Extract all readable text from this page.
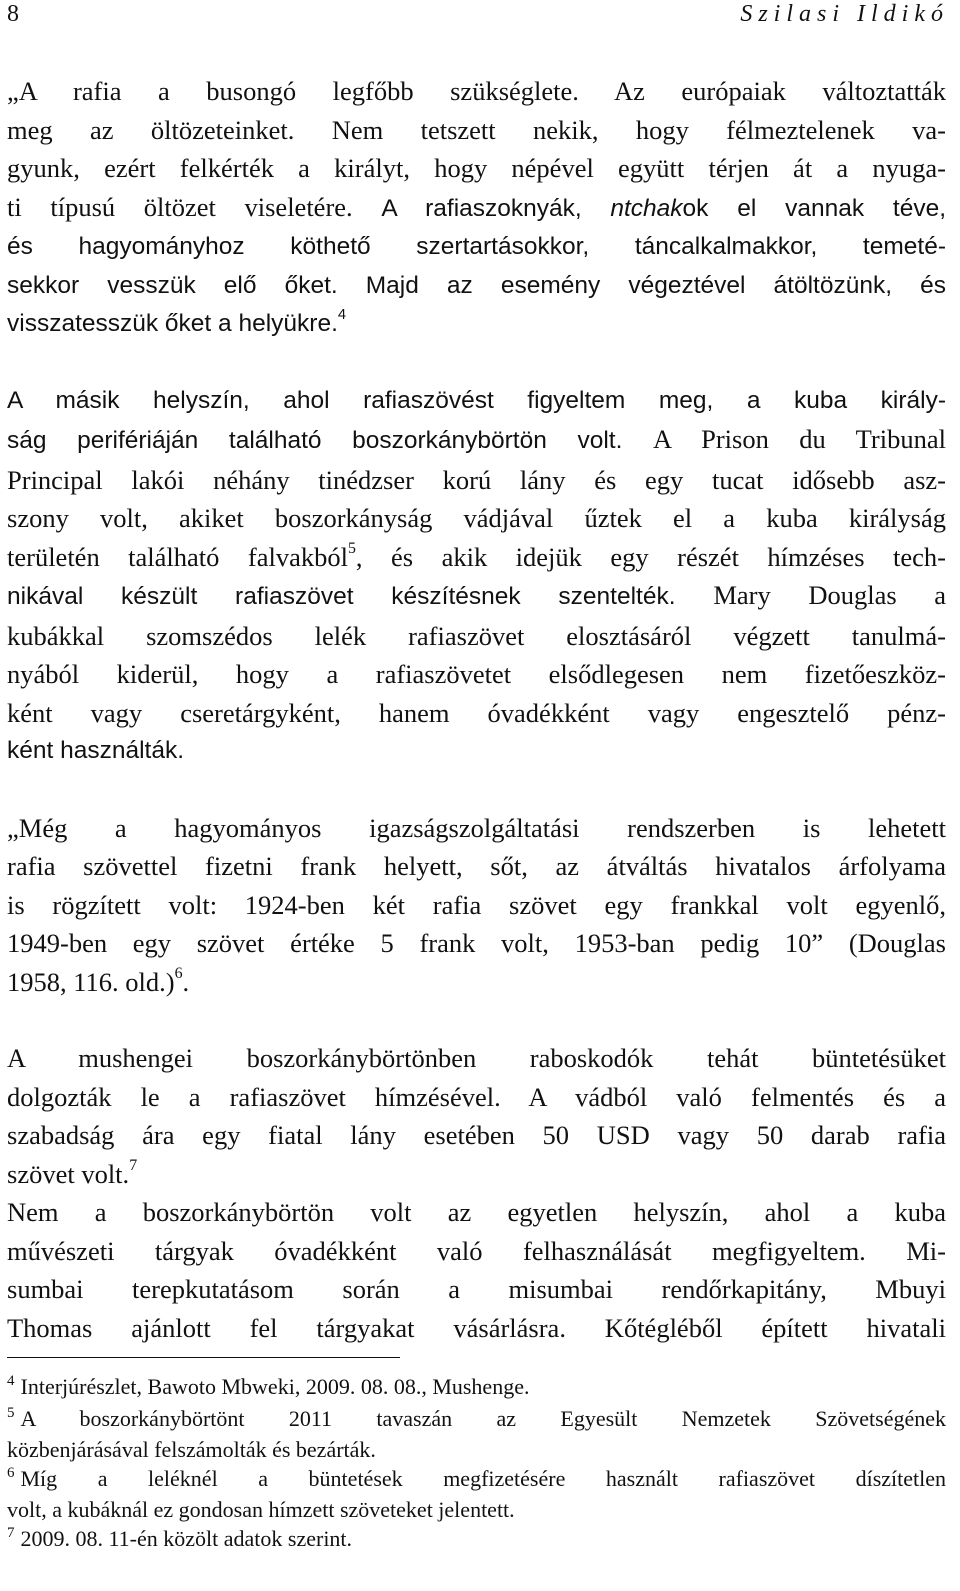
8	Szilasi Ildikó

„A rafia a busongó legfőbb szükséglete. Az európaiak változtatták
meg az öltözeteinket. Nem tetszett nekik, hogy félmeztelenek va-
gyunk, ezért felkérték a királyt, hogy népével együtt térjen át a nyuga-
ti típusú öltözet viseletére. A rafiaszoknyák, ntchakok el vannak téve,
és hagyományhoz köthető szertartásokkor, táncalkalmakkor, temeté-
sekkor vesszük elő őket. Majd az esemény végeztével átöltözünk, és
visszatesszük őket a helyükre.$^4$

A másik helyszín, ahol rafiaszövést figyeltem meg, a kuba király-
ság perifériáján található boszorkánybörtön volt. A Prison du Tribunal
Principal lakói néhány tinédzser korú lány és egy tucat idősebb asz-
szony volt, akiket boszorkányság vádjával űztek el a kuba királyság
területén található falvakból$^5$, és akik idejük egy részét hímzéses tech-
nikával készült rafiaszövet készítésnek szentelték. Mary Douglas a
kubákkal szomszédos lelék rafiaszövet elosztásáról végzett tanulmá-
nyából kiderül, hogy a rafiaszövetet elsődlegesen nem fizetőeszköz-
ként vagy cseretárgyként, hanem óvadékként vagy engesztelő pénz-
ként használták.

„Még a hagyományos igazságszolgáltatási rendszerben is lehetett
rafia szövettel fizetni frank helyett, sőt, az átváltás hivatalos árfolyama
is rögzített volt: 1924-ben két rafia szövet egy frankkal volt egyenlő,
1949-ben egy szövet értéke 5 frank volt, 1953-ban pedig 10” (Douglas
1958, 116. old.)$^6$.

A mushengei boszorkánybörtönben raboskodók tehát büntetésüket
dolgozták le a rafiaszövet hímzésével. A vádból való felmentés és a
szabadság ára egy fiatal lány esetében 50 USD vagy 50 darab rafia
szövet volt.$^7$

Nem a boszorkánybörtön volt az egyetlen helyszín, ahol a kuba
művészeti tárgyak óvadékként való felhasználását megfigyeltem. Mi-
sumbai terepkutatásom során a misumbai rendőrkapitány, Mbuyi
Thomas ajánlott fel tárgyakat vásárlásra. Kőtégléből épített hivatali

$^4$ Interjúrészlet, Bawoto Mbweki, 2009. 08. 08., Mushenge.

$^5$ A boszorkánybörtönt 2011 tavaszán az Egyesült Nemzetek Szövetségének
közbenjárásával felszámolták és bezárták.

$^6$ Míg a leléknél a büntetések megfizetésére használt rafiaszövet díszítetlen
volt, a kubáknál ez gondosan hímzett szöveteket jelentett.

$^7$ 2009. 08. 11-én közölt adatok szerint.
